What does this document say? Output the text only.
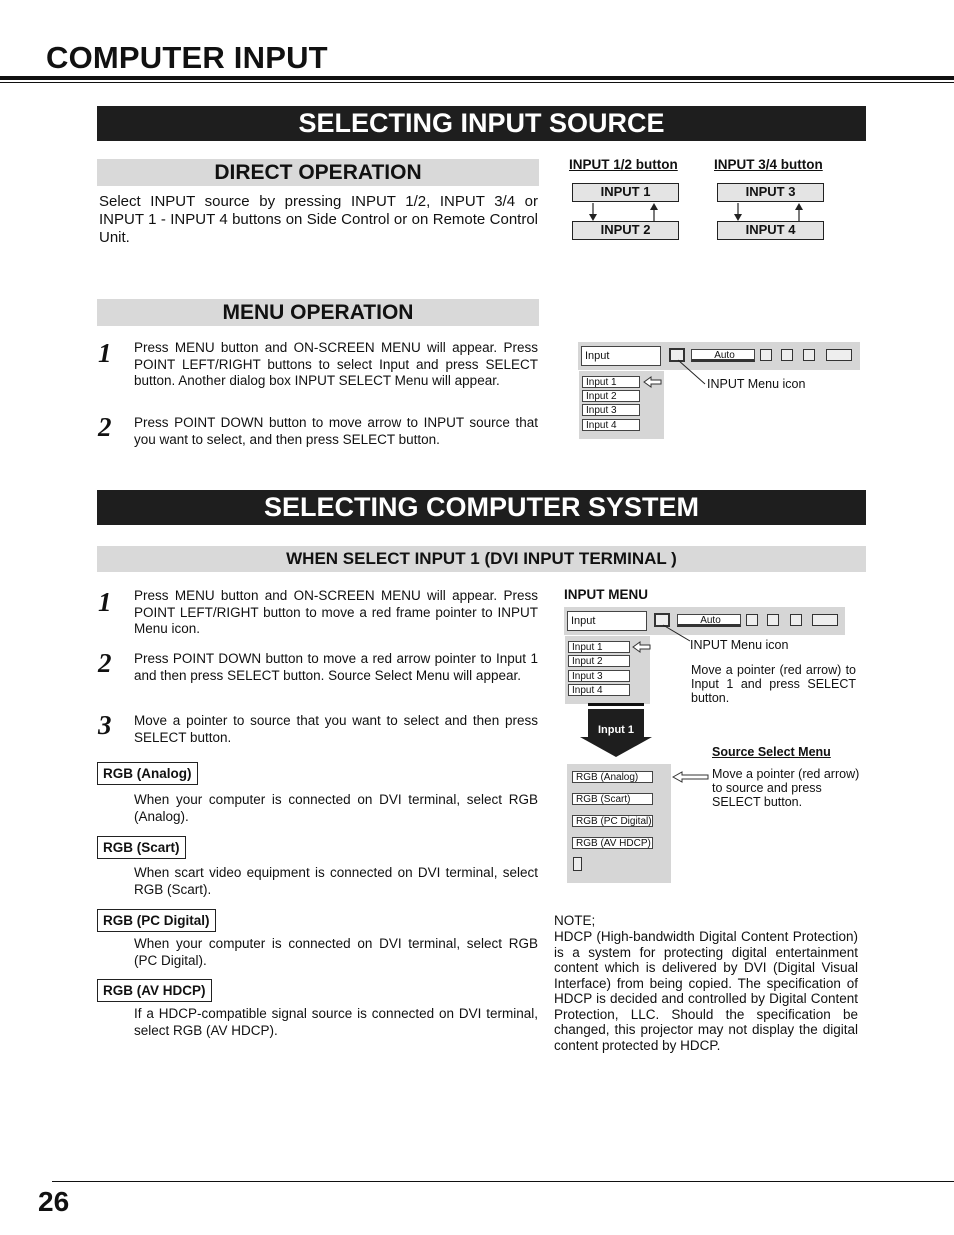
COMPUTER INPUT
SELECTING INPUT SOURCE
DIRECT OPERATION
Select INPUT source by pressing INPUT 1/2, INPUT 3/4 or INPUT 1 - INPUT 4 buttons on Side Control or on Remote Control Unit.
INPUT 1/2 button	INPUT 3/4 button
INPUT 1
INPUT 2
INPUT 3
INPUT 4
MENU OPERATION
1 Press MENU button and ON-SCREEN MENU will appear. Press POINT LEFT/RIGHT buttons to select Input and press SELECT button. Another dialog box INPUT SELECT Menu will appear.
2 Press POINT DOWN button to move arrow to INPUT source that you want to select, and then press SELECT button.
Input	Auto
INPUT Menu icon
Input 1
Input 2
Input 3
Input 4
SELECTING COMPUTER SYSTEM
WHEN SELECT INPUT 1 (DVI INPUT TERMINAL )
1 Press MENU button and ON-SCREEN MENU will appear. Press POINT LEFT/RIGHT button to move a red frame pointer to INPUT Menu icon.
2 Press POINT DOWN button to move a red arrow pointer to Input 1 and then press SELECT button. Source Select Menu will appear.
3 Move a pointer to source that you want to select and then press SELECT button.
RGB (Analog)
When your computer is connected on DVI terminal, select RGB (Analog).
RGB (Scart)
When scart video equipment is connected on DVI terminal, select RGB (Scart).
RGB (PC Digital)
When your computer is connected on DVI terminal, select RGB (PC Digital).
RGB (AV HDCP)
If a HDCP-compatible signal source is connected on DVI terminal, select RGB (AV HDCP).
INPUT MENU
Input	Auto
INPUT Menu icon
Input 1
Input 2
Input 3
Input 4
Move a pointer (red arrow) to Input 1 and press SELECT button.
Input 1
Source Select Menu
Move a pointer (red arrow) to source and press SELECT button.
RGB (Analog)
RGB (Scart)
RGB (PC Digital)
RGB (AV HDCP)
NOTE;
HDCP (High-bandwidth Digital Content Protection) is a system for protecting digital entertainment content which is delivered by DVI (Digital Visual Interface) from being copied. The specification of HDCP is decided and controlled by Digital Content Protection, LLC. Should the specification be changed, this projector may not display the digital content protected by HDCP.
26
